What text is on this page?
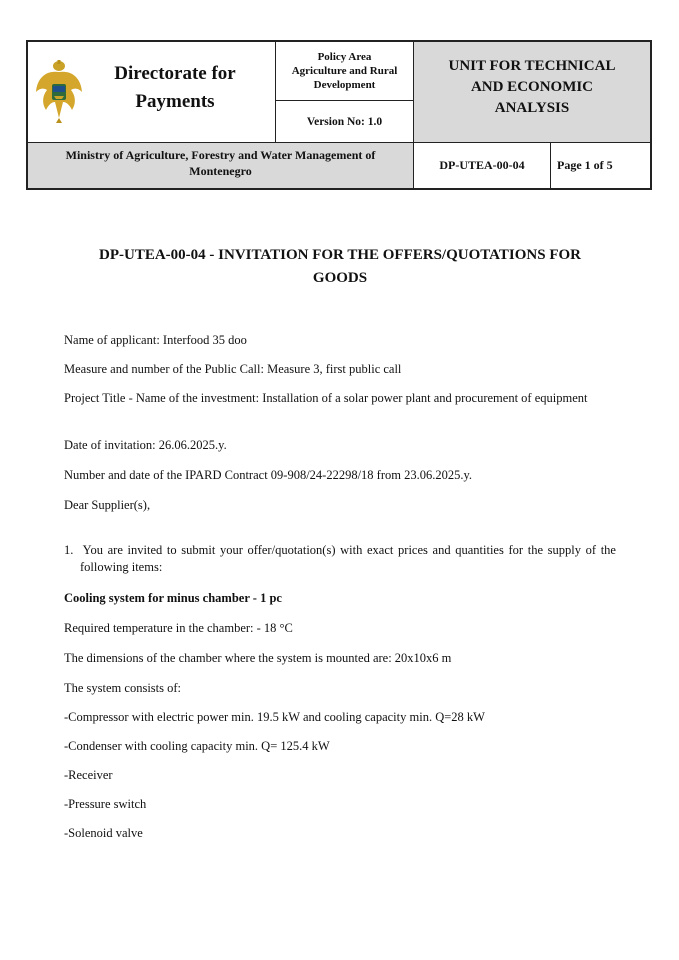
Directorate for
Payments
Policy Area
Agriculture and Rural
Development
Version No: 1.0
UNIT FOR TECHNICAL
AND ECONOMIC
ANALYSIS
Ministry of Agriculture, Forestry and Water Management of
Montenegro	DP-UTEA-00-04	Page 1 of 5
DP-UTEA-00-04 - INVITATION FOR THE OFFERS/QUOTATIONS FOR
GOODS
Name of applicant: Interfood 35 doo
Measure and number of the Public Call: Measure 3, first public call
Project Title - Name of the investment: Installation of a solar power plant and procurement of equipment
Date of invitation: 26.06.2025.y.
Number and date of the IPARD Contract 09-908/24-22298/18 from 23.06.2025.y.
Dear Supplier(s),
1.  You are invited to submit your offer/quotation(s) with exact prices and quantities for the supply of the following items:
Cooling system for minus chamber - 1 pc
Required temperature in the chamber: - 18 °C
The dimensions of the chamber where the system is mounted are: 20x10x6 m
The system consists of:
-Compressor with electric power min. 19.5 kW and cooling capacity min. Q=28 kW
-Condenser with cooling capacity min. Q= 125.4 kW
-Receiver
-Pressure switch
-Solenoid valve
